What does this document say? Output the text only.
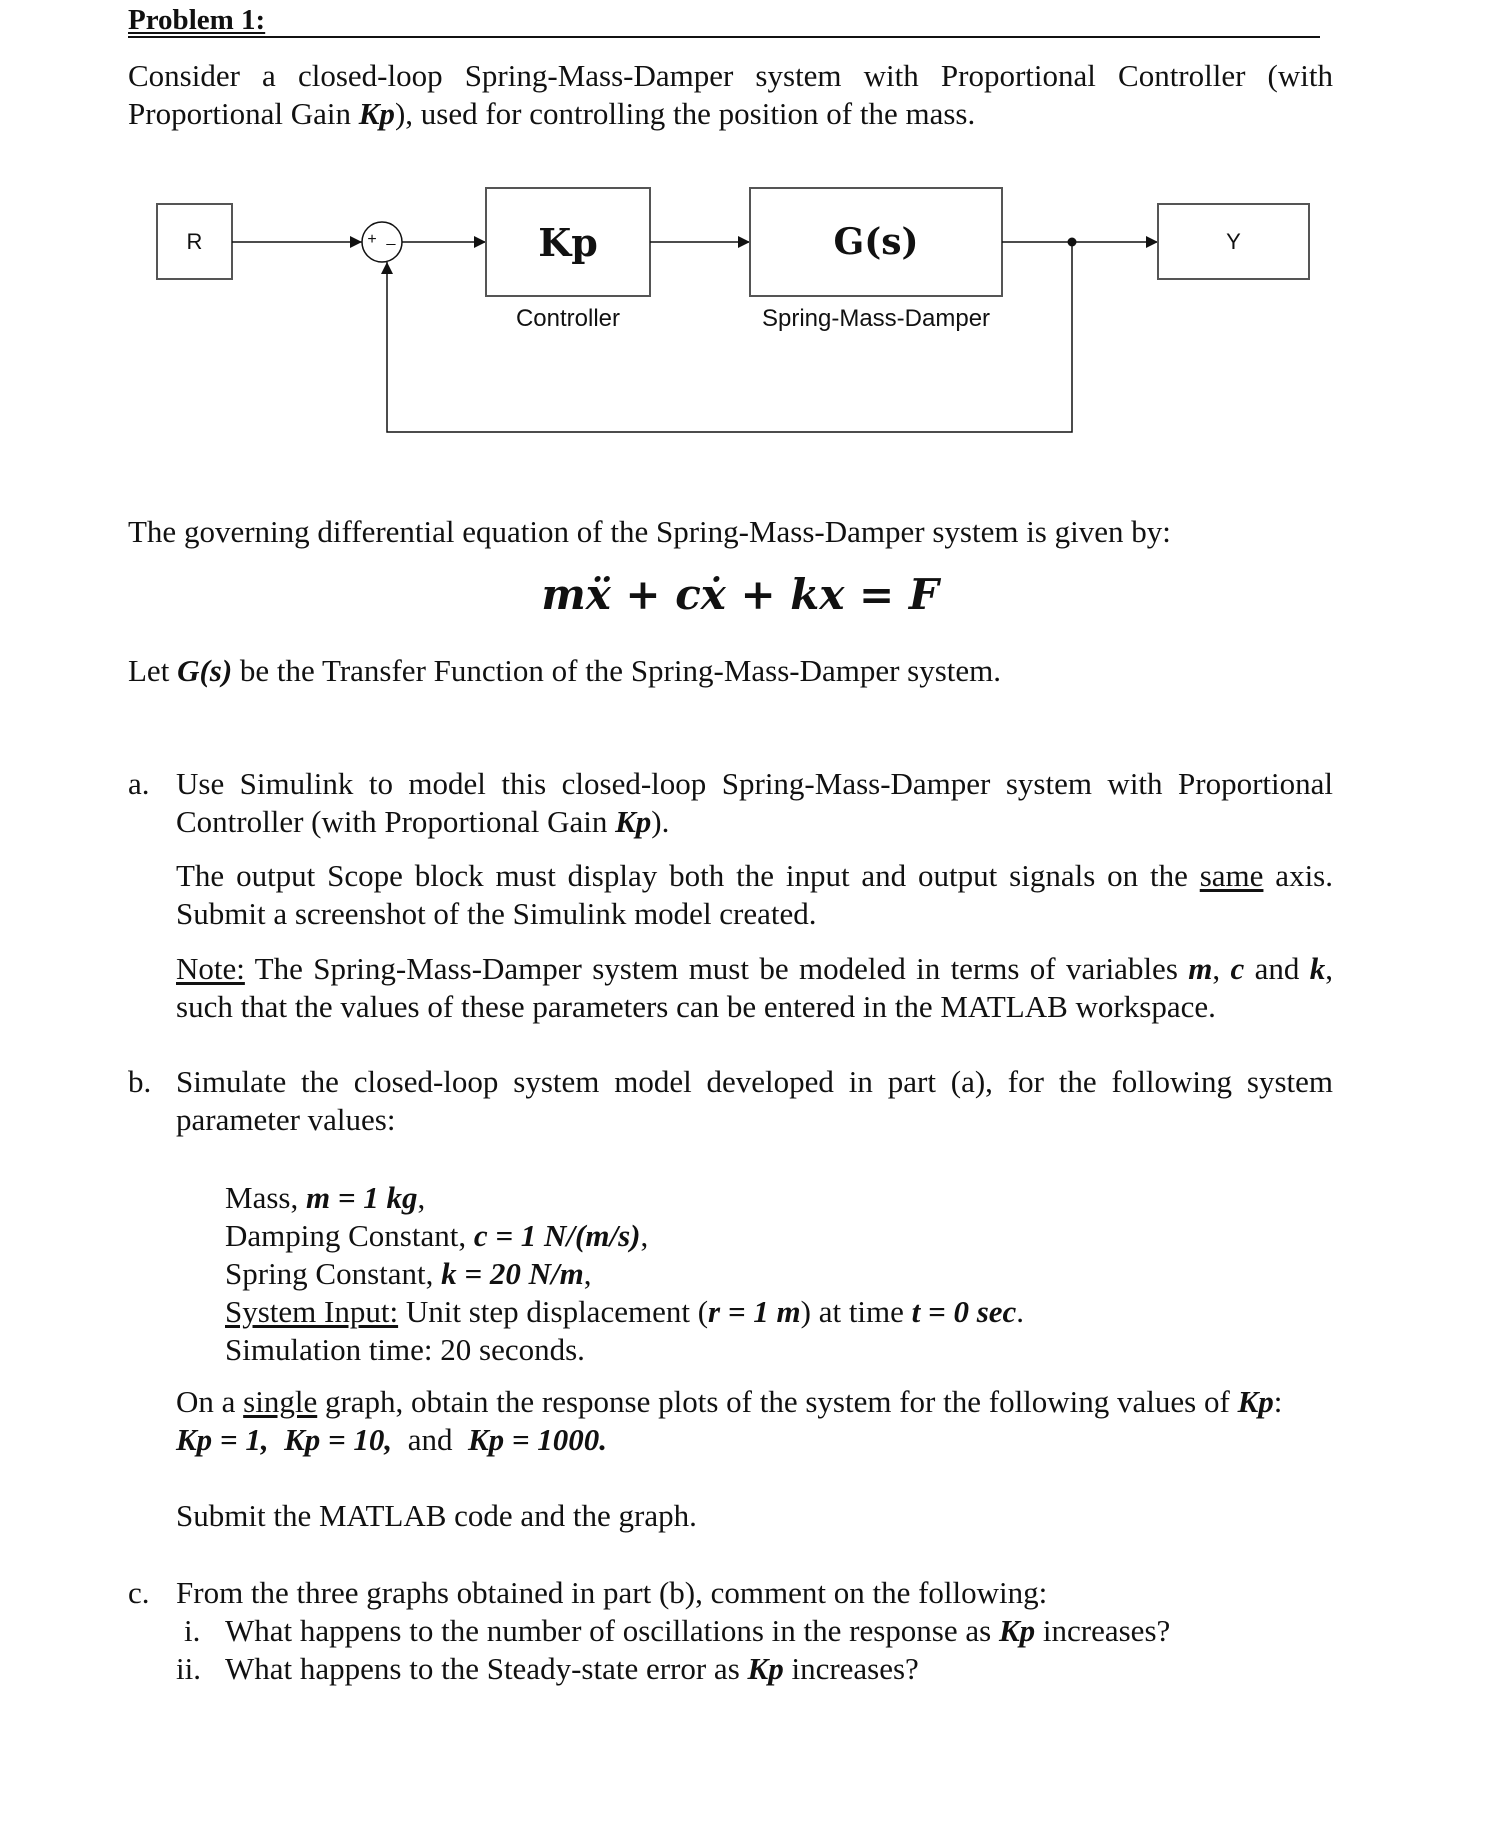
Problem 1:
Consider a closed-loop Spring-Mass-Damper system with Proportional Controller (with
Proportional Gain Kp), used for controlling the position of the mass.
R	+ _	Kp
Controller
G(s)
Spring-Mass-Damper
Y
The governing differential equation of the Spring-Mass-Damper system is given by:
mẍ + cẋ + kx = F
Let G(s) be the Transfer Function of the Spring-Mass-Damper system.
a. Use Simulink to model this closed-loop Spring-Mass-Damper system with Proportional
Controller (with Proportional Gain Kp).
The output Scope block must display both the input and output signals on the same axis.
Submit a screenshot of the Simulink model created.
Note: The Spring-Mass-Damper system must be modeled in terms of variables m, c and k,
such that the values of these parameters can be entered in the MATLAB workspace.
b. Simulate the closed-loop system model developed in part (a), for the following system
parameter values:
Mass, m = 1 kg,
Damping Constant, c = 1 N/(m/s),
Spring Constant, k = 20 N/m,
System Input: Unit step displacement (r = 1 m) at time t = 0 sec.
Simulation time: 20 seconds.
On a single graph, obtain the response plots of the system for the following values of Kp:
Kp = 1, Kp = 10, and Kp = 1000.
Submit the MATLAB code and the graph.
c. From the three graphs obtained in part (b), comment on the following:
i. What happens to the number of oscillations in the response as Kp increases?
ii. What happens to the Steady-state error as Kp increases?
